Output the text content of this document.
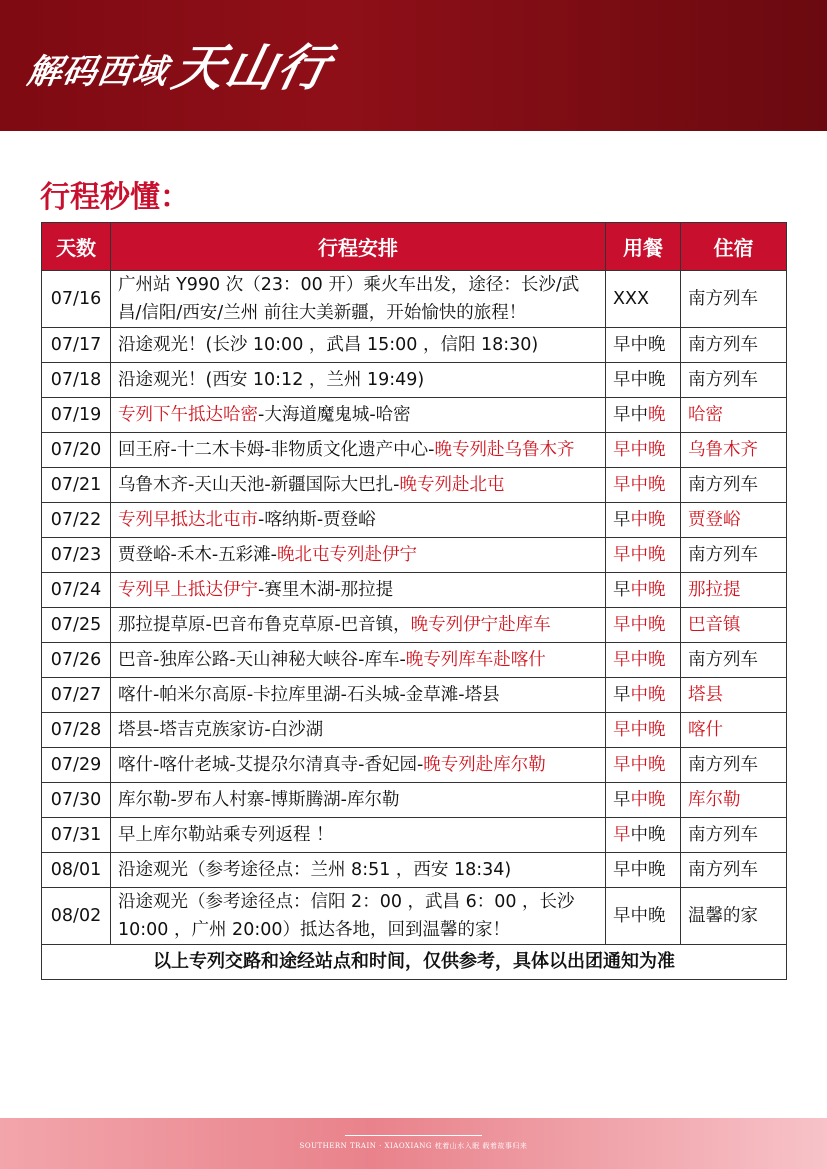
解码西域
天山行
行程秒懂：
天数	行程安排	用餐	住宿
07/16	广州站 Y990 次（23：00 开）乘火车出发，途径：长沙/武昌/信阳/西安/兰州 前往大美新疆，开始愉快的旅程！	XXX	南方列车
07/17	沿途观光！(长沙 10:00 ，武昌 15:00 ，信阳 18:30)	早中晚	南方列车
07/18	沿途观光！(西安 10:12 ，兰州 19:49)	早中晚	南方列车
07/19	专列下午抵达哈密-大海道魔鬼城-哈密	早中晚	哈密
07/20	回王府-十二木卡姆-非物质文化遗产中心-晚专列赴乌鲁木齐	早中晚	乌鲁木齐
07/21	乌鲁木齐-天山天池-新疆国际大巴扎-晚专列赴北屯	早中晚	南方列车
07/22	专列早抵达北屯市-喀纳斯-贾登峪	早中晚	贾登峪
07/23	贾登峪-禾木-五彩滩-晚北屯专列赴伊宁	早中晚	南方列车
07/24	专列早上抵达伊宁-赛里木湖-那拉提	早中晚	那拉提
07/25	那拉提草原-巴音布鲁克草原-巴音镇，晚专列伊宁赴库车	早中晚	巴音镇
07/26	巴音-独库公路-天山神秘大峡谷-库车-晚专列库车赴喀什	早中晚	南方列车
07/27	喀什-帕米尔高原-卡拉库里湖-石头城-金草滩-塔县	早中晚	塔县
07/28	塔县-塔吉克族家访-白沙湖	早中晚	喀什
07/29	喀什-喀什老城-艾提尕尔清真寺-香妃园-晚专列赴库尔勒	早中晚	南方列车
07/30	库尔勒-罗布人村寨-博斯腾湖-库尔勒	早中晚	库尔勒
07/31	早上库尔勒站乘专列返程 ！	早中晚	南方列车
08/01	沿途观光（参考途径点：兰州 8:51 ，西安 18:34)	早中晚	南方列车
08/02	沿途观光（参考途径点：信阳 2：00 ，武昌 6：00 ，长沙 10:00 ，广州 20:00）抵达各地，回到温馨的家！	早中晚	温馨的家
以上专列交路和途经站点和时间，仅供参考，具体以出团通知为准			
SOUTHERN TRAIN · XIAOXIANG 枕着山水入眠 载着故事归来
